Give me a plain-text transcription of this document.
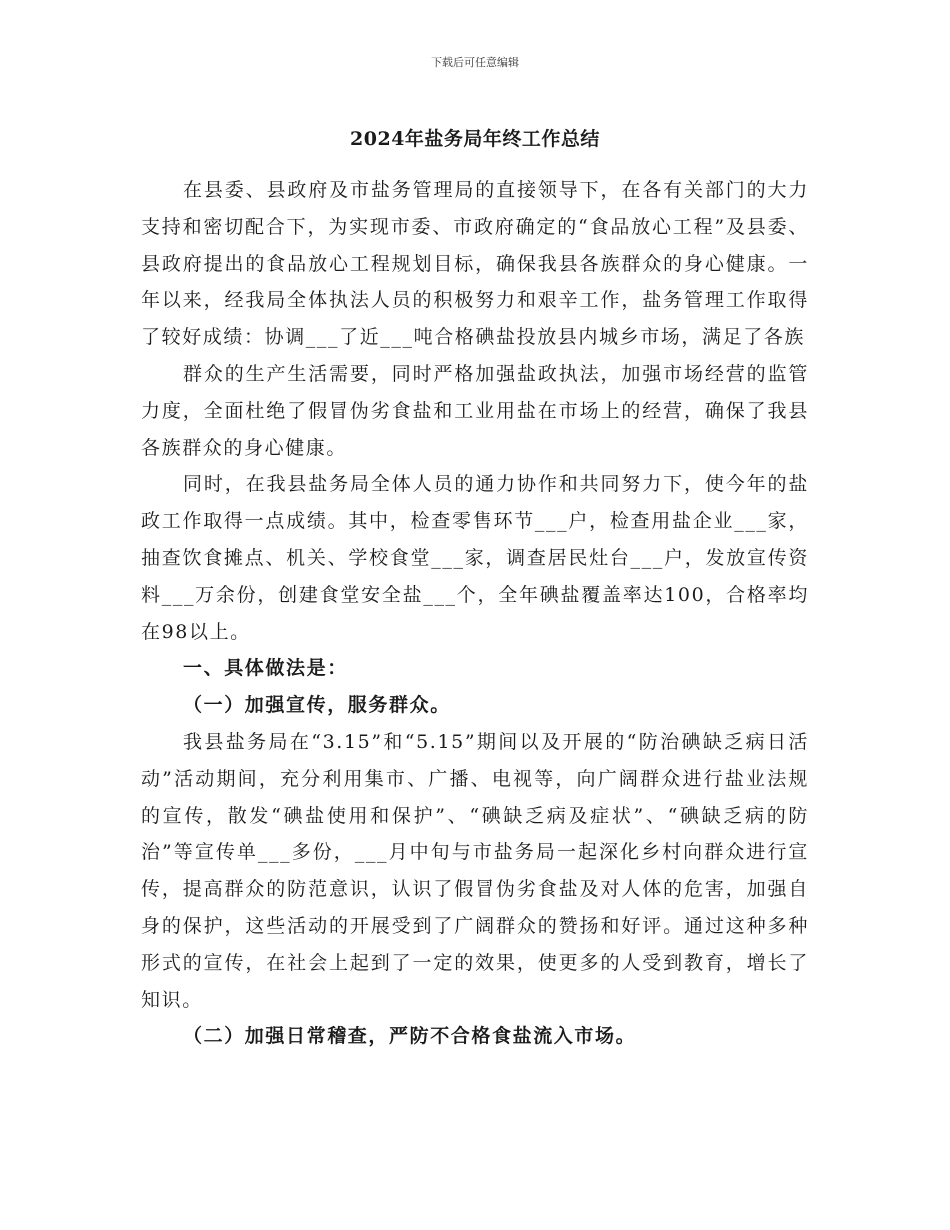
下载后可任意编辑
2024年盐务局年终工作总结

在县委、县政府及市盐务管理局的直接领导下，在各有关部门的大力支持和密切配合下，为实现市委、市政府确定的“食品放心工程”及县委、县政府提出的食品放心工程规划目标，确保我县各族群众的身心健康。一年以来，经我局全体执法人员的积极努力和艰辛工作，盐务管理工作取得了较好成绩：协调___了近___吨合格碘盐投放县内城乡市场，满足了各族

群众的生产生活需要，同时严格加强盐政执法，加强市场经营的监管力度，全面杜绝了假冒伪劣食盐和工业用盐在市场上的经营，确保了我县各族群众的身心健康。

同时，在我县盐务局全体人员的通力协作和共同努力下，使今年的盐政工作取得一点成绩。其中，检查零售环节___户，检查用盐企业___家，抽查饮食摊点、机关、学校食堂___家，调查居民灶台___户，发放宣传资料___万余份，创建食堂安全盐___个，全年碘盐覆盖率达100，合格率均在98以上。

一、具体做法是：

（一）加强宣传，服务群众。

我县盐务局在“3.15”和“5.15”期间以及开展的“防治碘缺乏病日活动”活动期间，充分利用集市、广播、电视等，向广阔群众进行盐业法规的宣传，散发“碘盐使用和保护”、“碘缺乏病及症状”、“碘缺乏病的防治”等宣传单___多份，___月中旬与市盐务局一起深化乡村向群众进行宣传，提高群众的防范意识，认识了假冒伪劣食盐及对人体的危害，加强自身的保护，这些活动的开展受到了广阔群众的赞扬和好评。通过这种多种形式的宣传，在社会上起到了一定的效果，使更多的人受到教育，增长了知识。

（二）加强日常稽查，严防不合格食盐流入市场。
